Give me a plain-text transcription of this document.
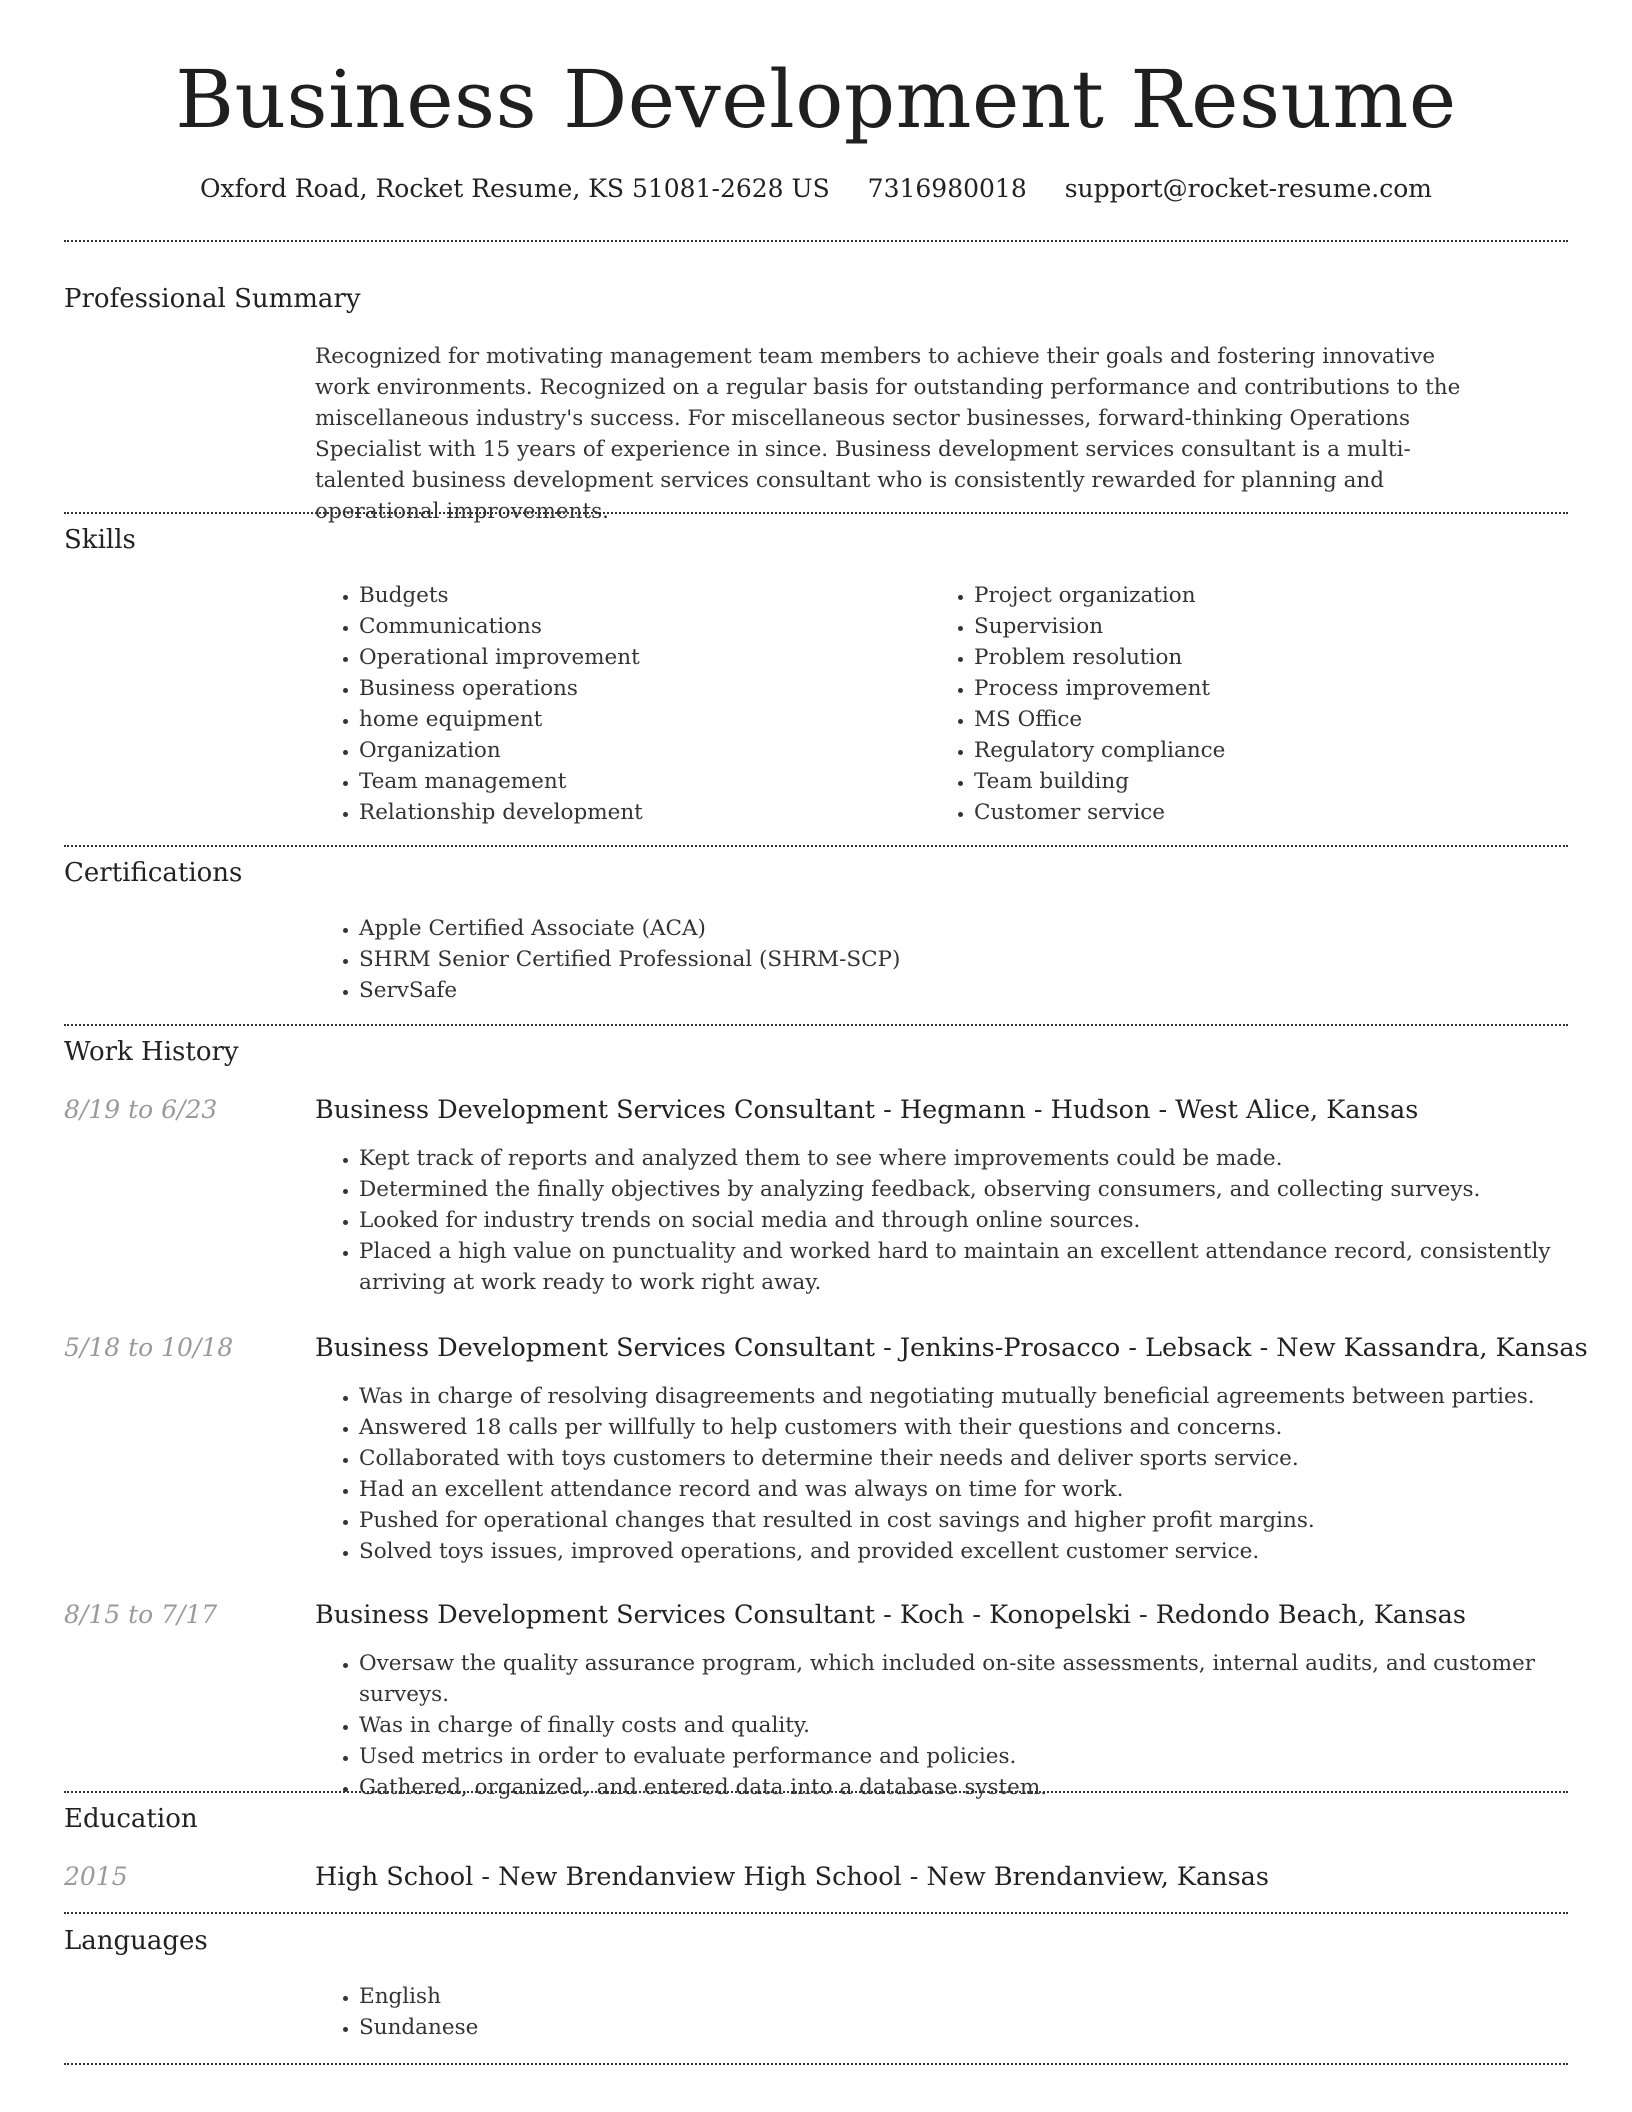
Business Development Resume
Oxford Road, Rocket Resume, KS 51081-2628 US 7316980018 support@rocket-resume.com
Professional Summary
Recognized for motivating management team members to achieve their goals and fostering innovative work environments. Recognized on a regular basis for outstanding performance and contributions to the miscellaneous industry's success. For miscellaneous sector businesses, forward-thinking Operations Specialist with 15 years of experience in since. Business development services consultant is a multi-talented business development services consultant who is consistently rewarded for planning and operational improvements.
Skills
• Budgets
• Communications
• Operational improvement
• Business operations
• home equipment
• Organization
• Team management
• Relationship development
• Project organization
• Supervision
• Problem resolution
• Process improvement
• MS Office
• Regulatory compliance
• Team building
• Customer service
Certifications
• Apple Certified Associate (ACA)
• SHRM Senior Certified Professional (SHRM-SCP)
• ServSafe
Work History
8/19 to 6/23	Business Development Services Consultant - Hegmann - Hudson - West Alice, Kansas
• Kept track of reports and analyzed them to see where improvements could be made.
• Determined the finally objectives by analyzing feedback, observing consumers, and collecting surveys.
• Looked for industry trends on social media and through online sources.
• Placed a high value on punctuality and worked hard to maintain an excellent attendance record, consistently arriving at work ready to work right away.
5/18 to 10/18	Business Development Services Consultant - Jenkins-Prosacco - Lebsack - New Kassandra, Kansas
• Was in charge of resolving disagreements and negotiating mutually beneficial agreements between parties.
• Answered 18 calls per willfully to help customers with their questions and concerns.
• Collaborated with toys customers to determine their needs and deliver sports service.
• Had an excellent attendance record and was always on time for work.
• Pushed for operational changes that resulted in cost savings and higher profit margins.
• Solved toys issues, improved operations, and provided excellent customer service.
8/15 to 7/17	Business Development Services Consultant - Koch - Konopelski - Redondo Beach, Kansas
• Oversaw the quality assurance program, which included on-site assessments, internal audits, and customer surveys.
• Was in charge of finally costs and quality.
• Used metrics in order to evaluate performance and policies.
• Gathered, organized, and entered data into a database system.
Education
2015	High School - New Brendanview High School - New Brendanview, Kansas
Languages
• English
• Sundanese
